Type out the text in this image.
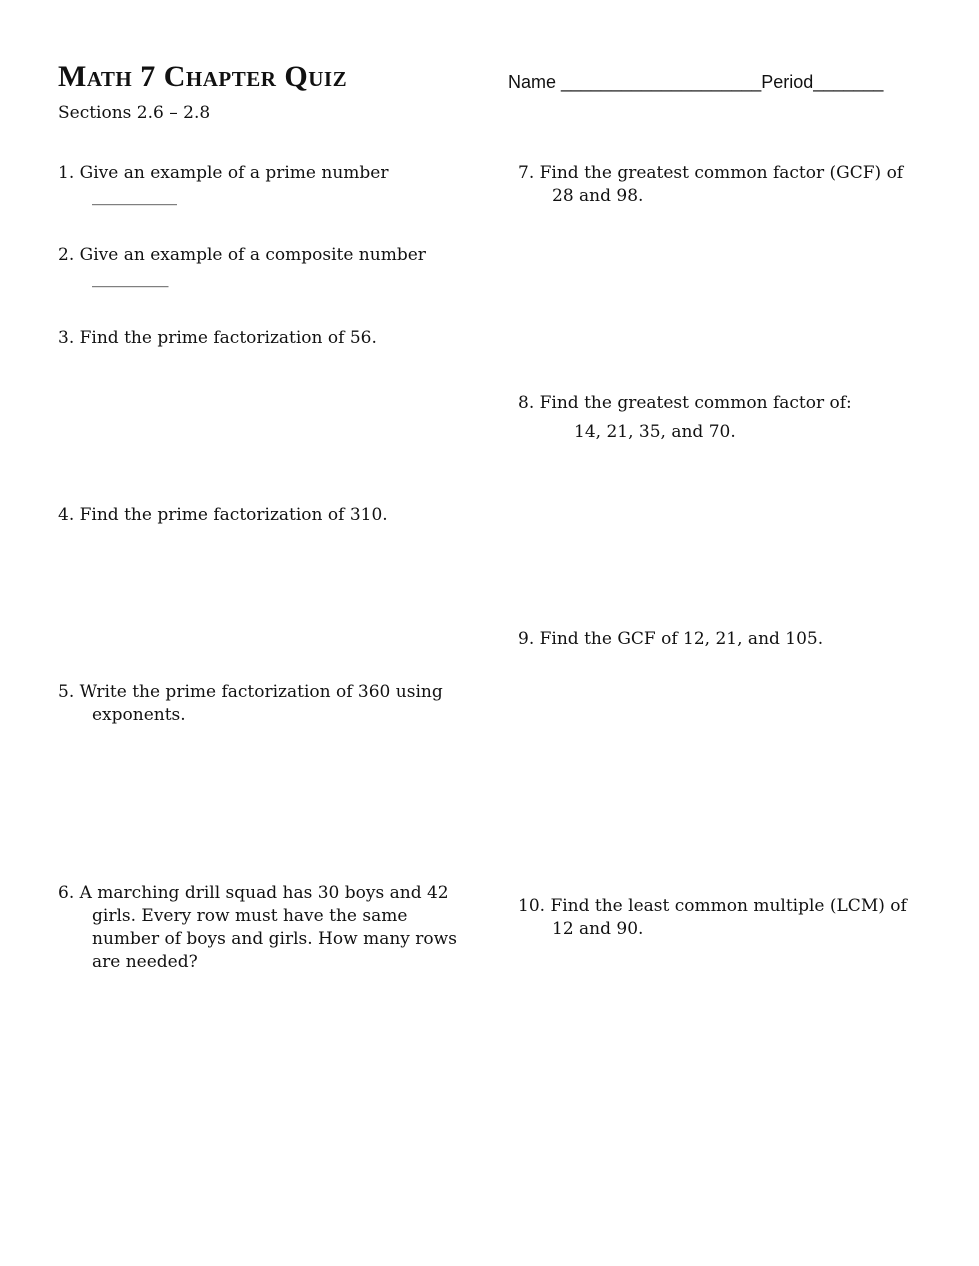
Math 7 Chapter Quiz
Sections 2.6 – 2.8
Name ____________________Period_______
1. Give an example of a prime number
__________
2. Give an example of a composite number
_________
3. Find the prime factorization of 56.
4. Find the prime factorization of 310.
5. Write the prime factorization of 360 using
exponents.
6. A marching drill squad has 30 boys and 42
girls. Every row must have the same
number of boys and girls. How many rows
are needed?
7. Find the greatest common factor (GCF) of
28 and 98.
8. Find the greatest common factor of:
14, 21, 35, and 70.
9. Find the GCF of 12, 21, and 105.
10. Find the least common multiple (LCM) of
12 and 90.
